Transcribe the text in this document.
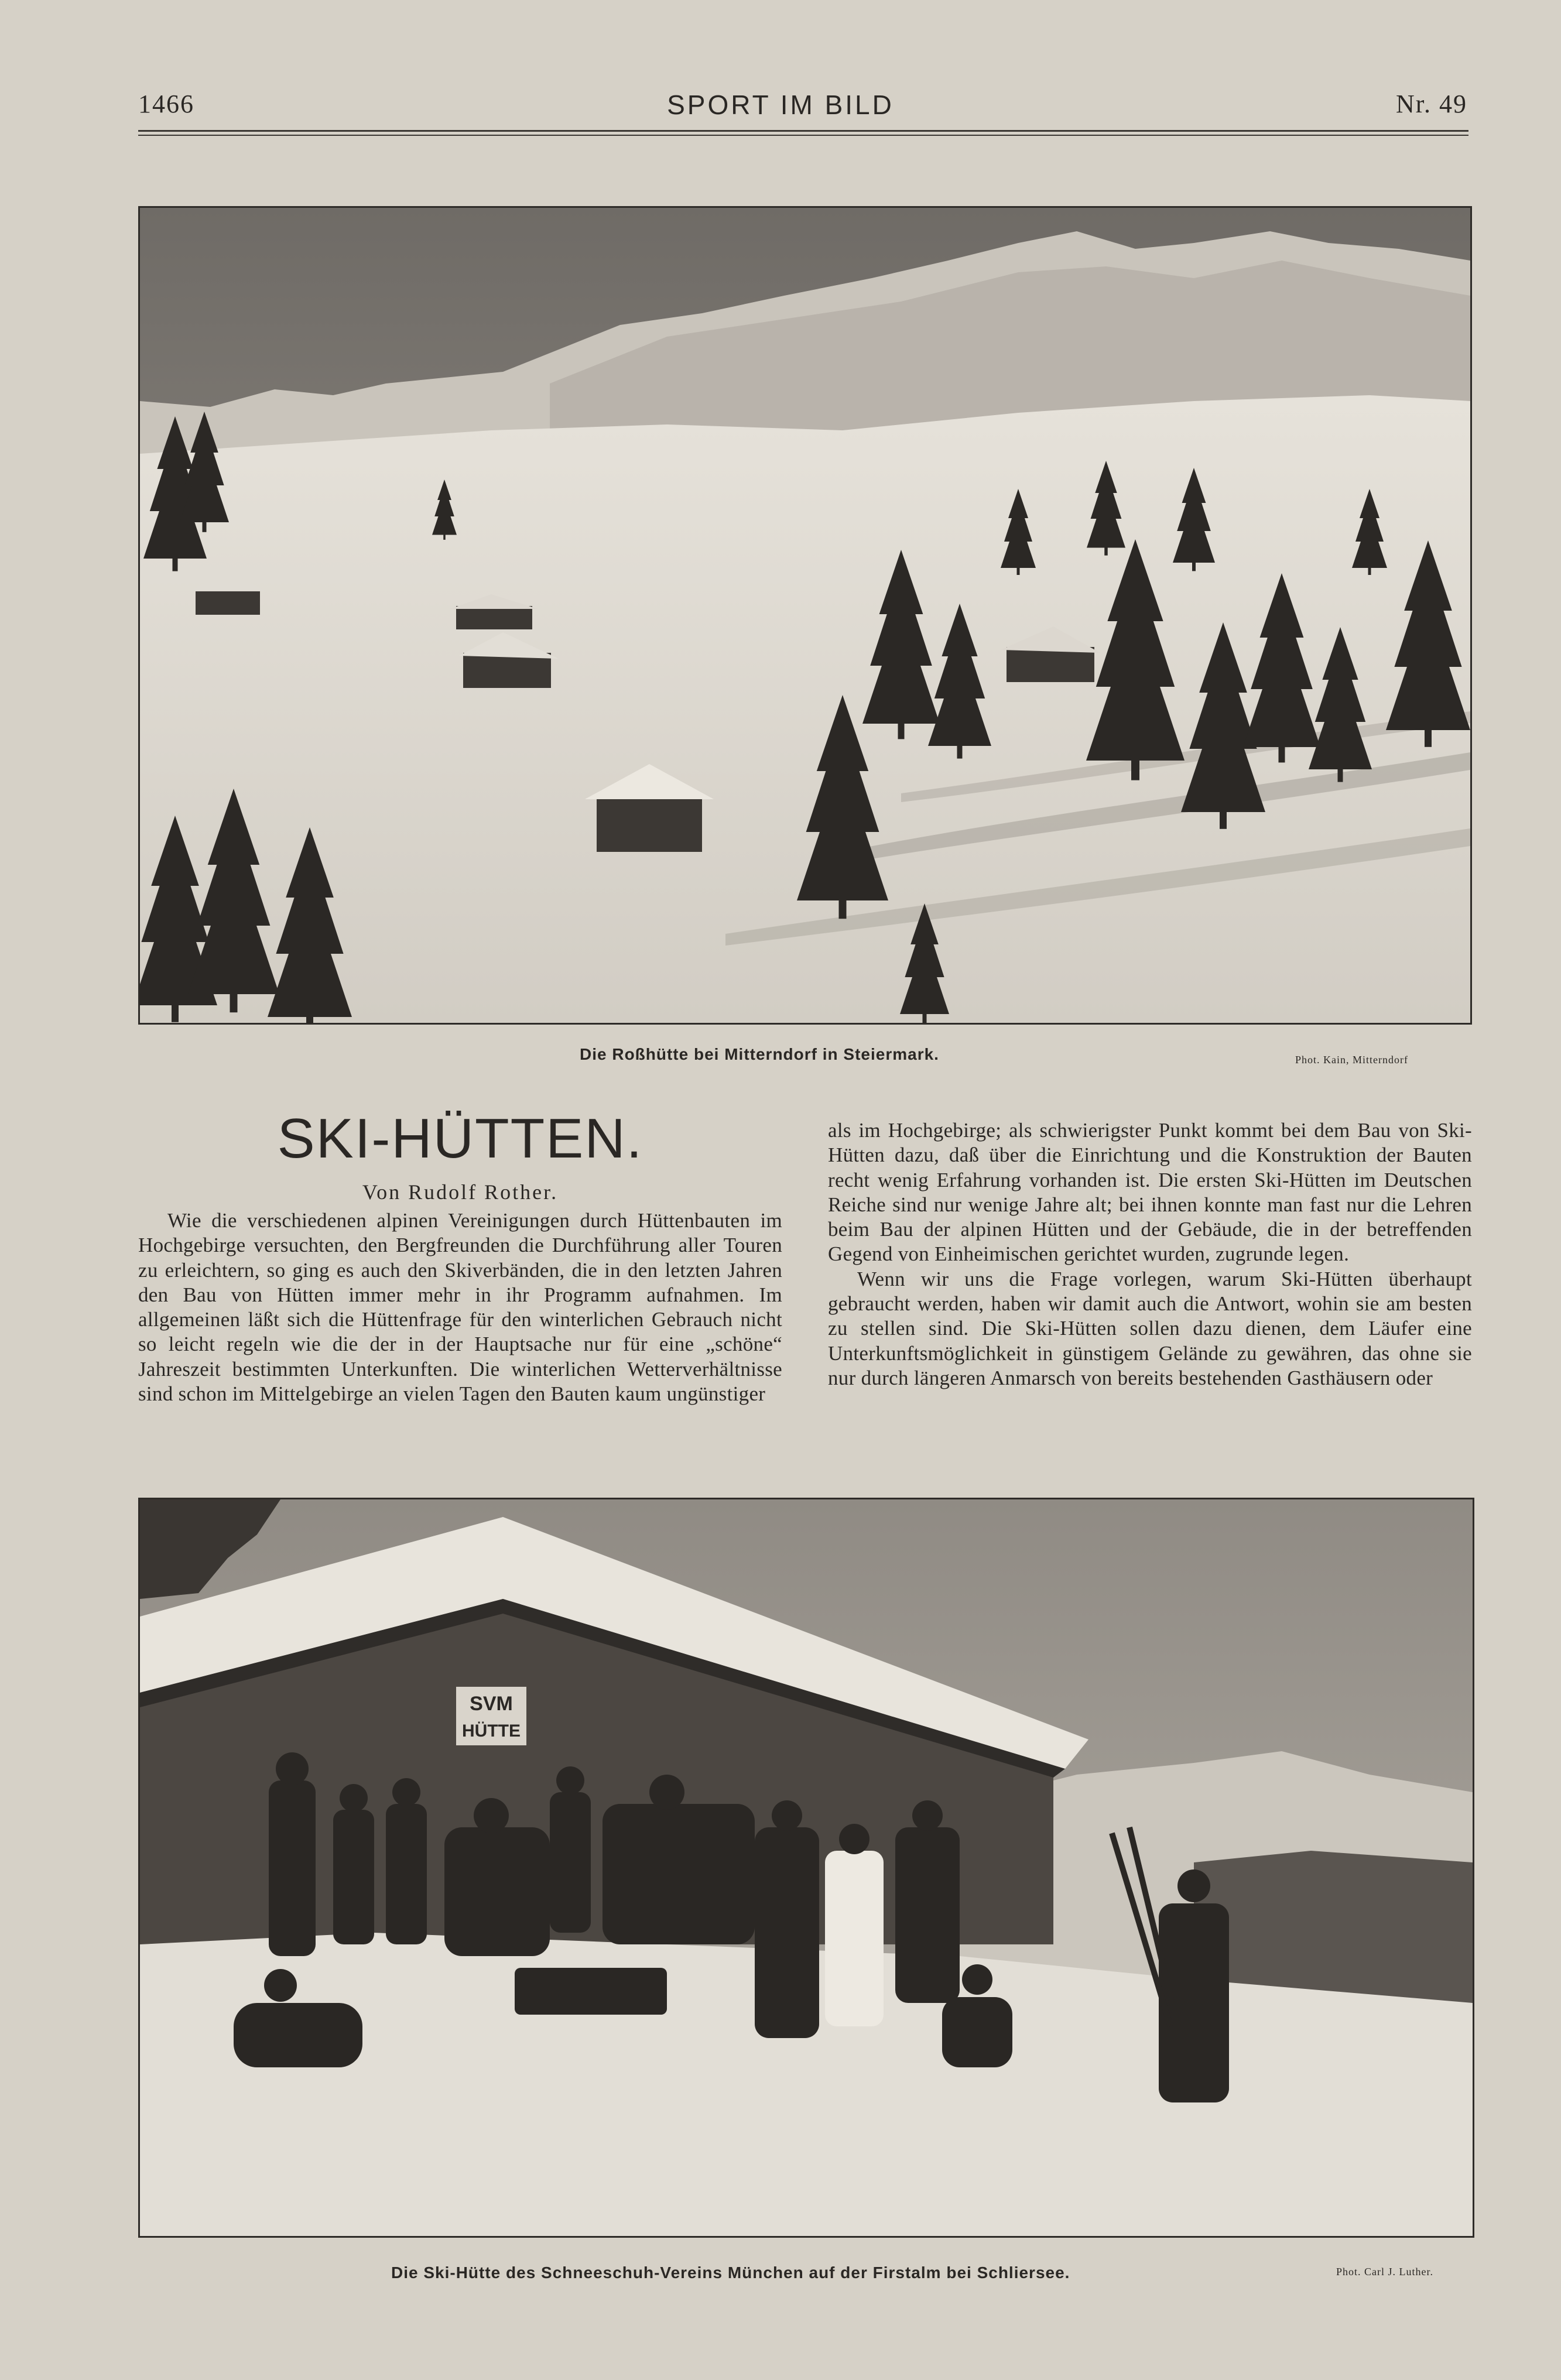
1466	SPORT IM BILD	Nr. 49
Die Roßhütte bei Mitterndorf in Steiermark.	Phot. Kain, Mitterndorf
SKI-HÜTTEN.
Von Rudolf Rother.

Wie die verschiedenen alpinen Vereinigungen durch Hüttenbauten im Hochgebirge versuchten, den Bergfreunden die Durchführung aller Touren zu erleichtern, so ging es auch den Skiverbänden, die in den letzten Jahren den Bau von Hütten immer mehr in ihr Programm aufnahmen. Im allgemeinen läßt sich die Hüttenfrage für den winterlichen Gebrauch nicht so leicht regeln wie die der in der Hauptsache nur für eine „schöne“ Jahreszeit bestimmten Unterkunften. Die winterlichen Wetterverhältnisse sind schon im Mittelgebirge an vielen Tagen den Bauten kaum ungünstiger

als im Hochgebirge; als schwierigster Punkt kommt bei dem Bau von Ski-Hütten dazu, daß über die Einrichtung und die Konstruktion der Bauten recht wenig Erfahrung vorhanden ist. Die ersten Ski-Hütten im Deutschen Reiche sind nur wenige Jahre alt; bei ihnen konnte man fast nur die Lehren beim Bau der alpinen Hütten und der Gebäude, die in der betreffenden Gegend von Einheimischen gerichtet wurden, zugrunde legen.

Wenn wir uns die Frage vorlegen, warum Ski-Hütten überhaupt gebraucht werden, haben wir damit auch die Antwort, wohin sie am besten zu stellen sind. Die Ski-Hütten sollen dazu dienen, dem Läufer eine Unterkunftsmöglichkeit in günstigem Gelände zu gewähren, das ohne sie nur durch längeren Anmarsch von bereits bestehenden Gasthäusern oder

SVM
HÜTTE
Die Ski-Hütte des Schneeschuh-Vereins München auf der Firstalm bei Schliersee.	Phot. Carl J. Luther.
